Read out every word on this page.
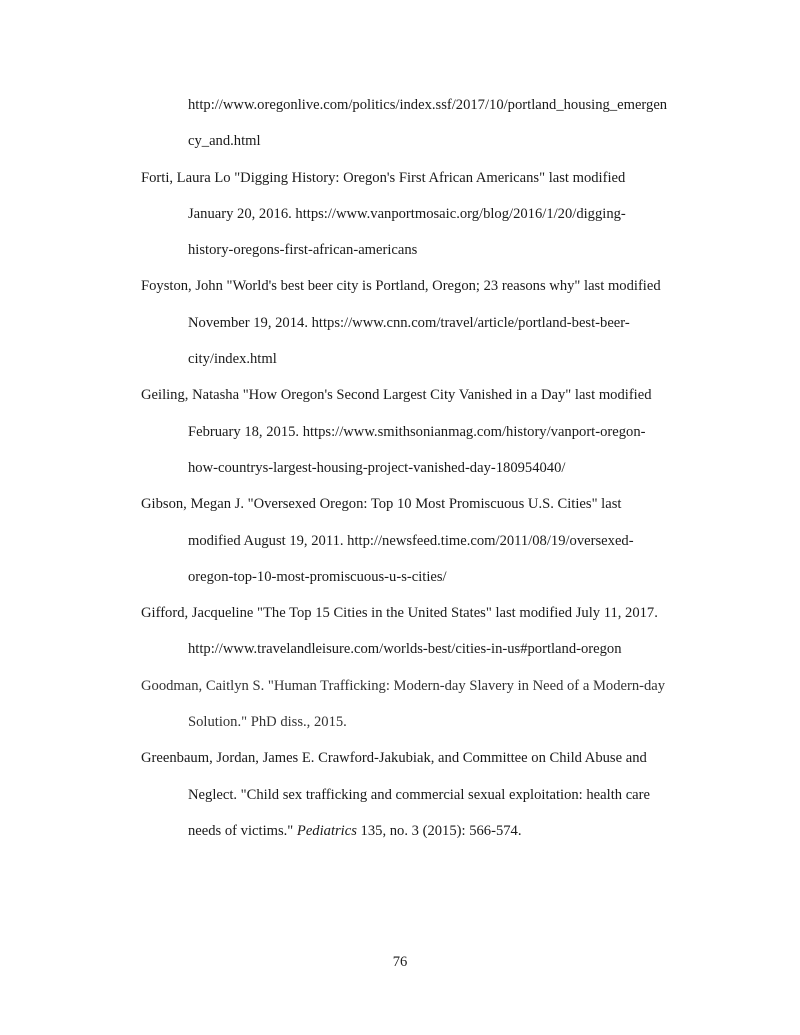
http://www.oregonlive.com/politics/index.ssf/2017/10/portland_housing_emergen
cy_and.html
Forti, Laura Lo "Digging History: Oregon's First African Americans" last modified
January 20, 2016. https://www.vanportmosaic.org/blog/2016/1/20/digging-
history-oregons-first-african-americans
Foyston, John "World's best beer city is Portland, Oregon; 23 reasons why" last modified
November 19, 2014. https://www.cnn.com/travel/article/portland-best-beer-
city/index.html
Geiling, Natasha "How Oregon's Second Largest City Vanished in a Day" last modified
February 18, 2015. https://www.smithsonianmag.com/history/vanport-oregon-
how-countrys-largest-housing-project-vanished-day-180954040/
Gibson, Megan J. "Oversexed Oregon: Top 10 Most Promiscuous U.S. Cities" last
modified August 19, 2011. http://newsfeed.time.com/2011/08/19/oversexed-
oregon-top-10-most-promiscuous-u-s-cities/
Gifford, Jacqueline "The Top 15 Cities in the United States" last modified July 11, 2017.
http://www.travelandleisure.com/worlds-best/cities-in-us#portland-oregon
Goodman, Caitlyn S. "Human Trafficking: Modern-day Slavery in Need of a Modern-day
Solution." PhD diss., 2015.
Greenbaum, Jordan, James E. Crawford-Jakubiak, and Committee on Child Abuse and
Neglect. "Child sex trafficking and commercial sexual exploitation: health care
needs of victims." Pediatrics 135, no. 3 (2015): 566-574.
76
